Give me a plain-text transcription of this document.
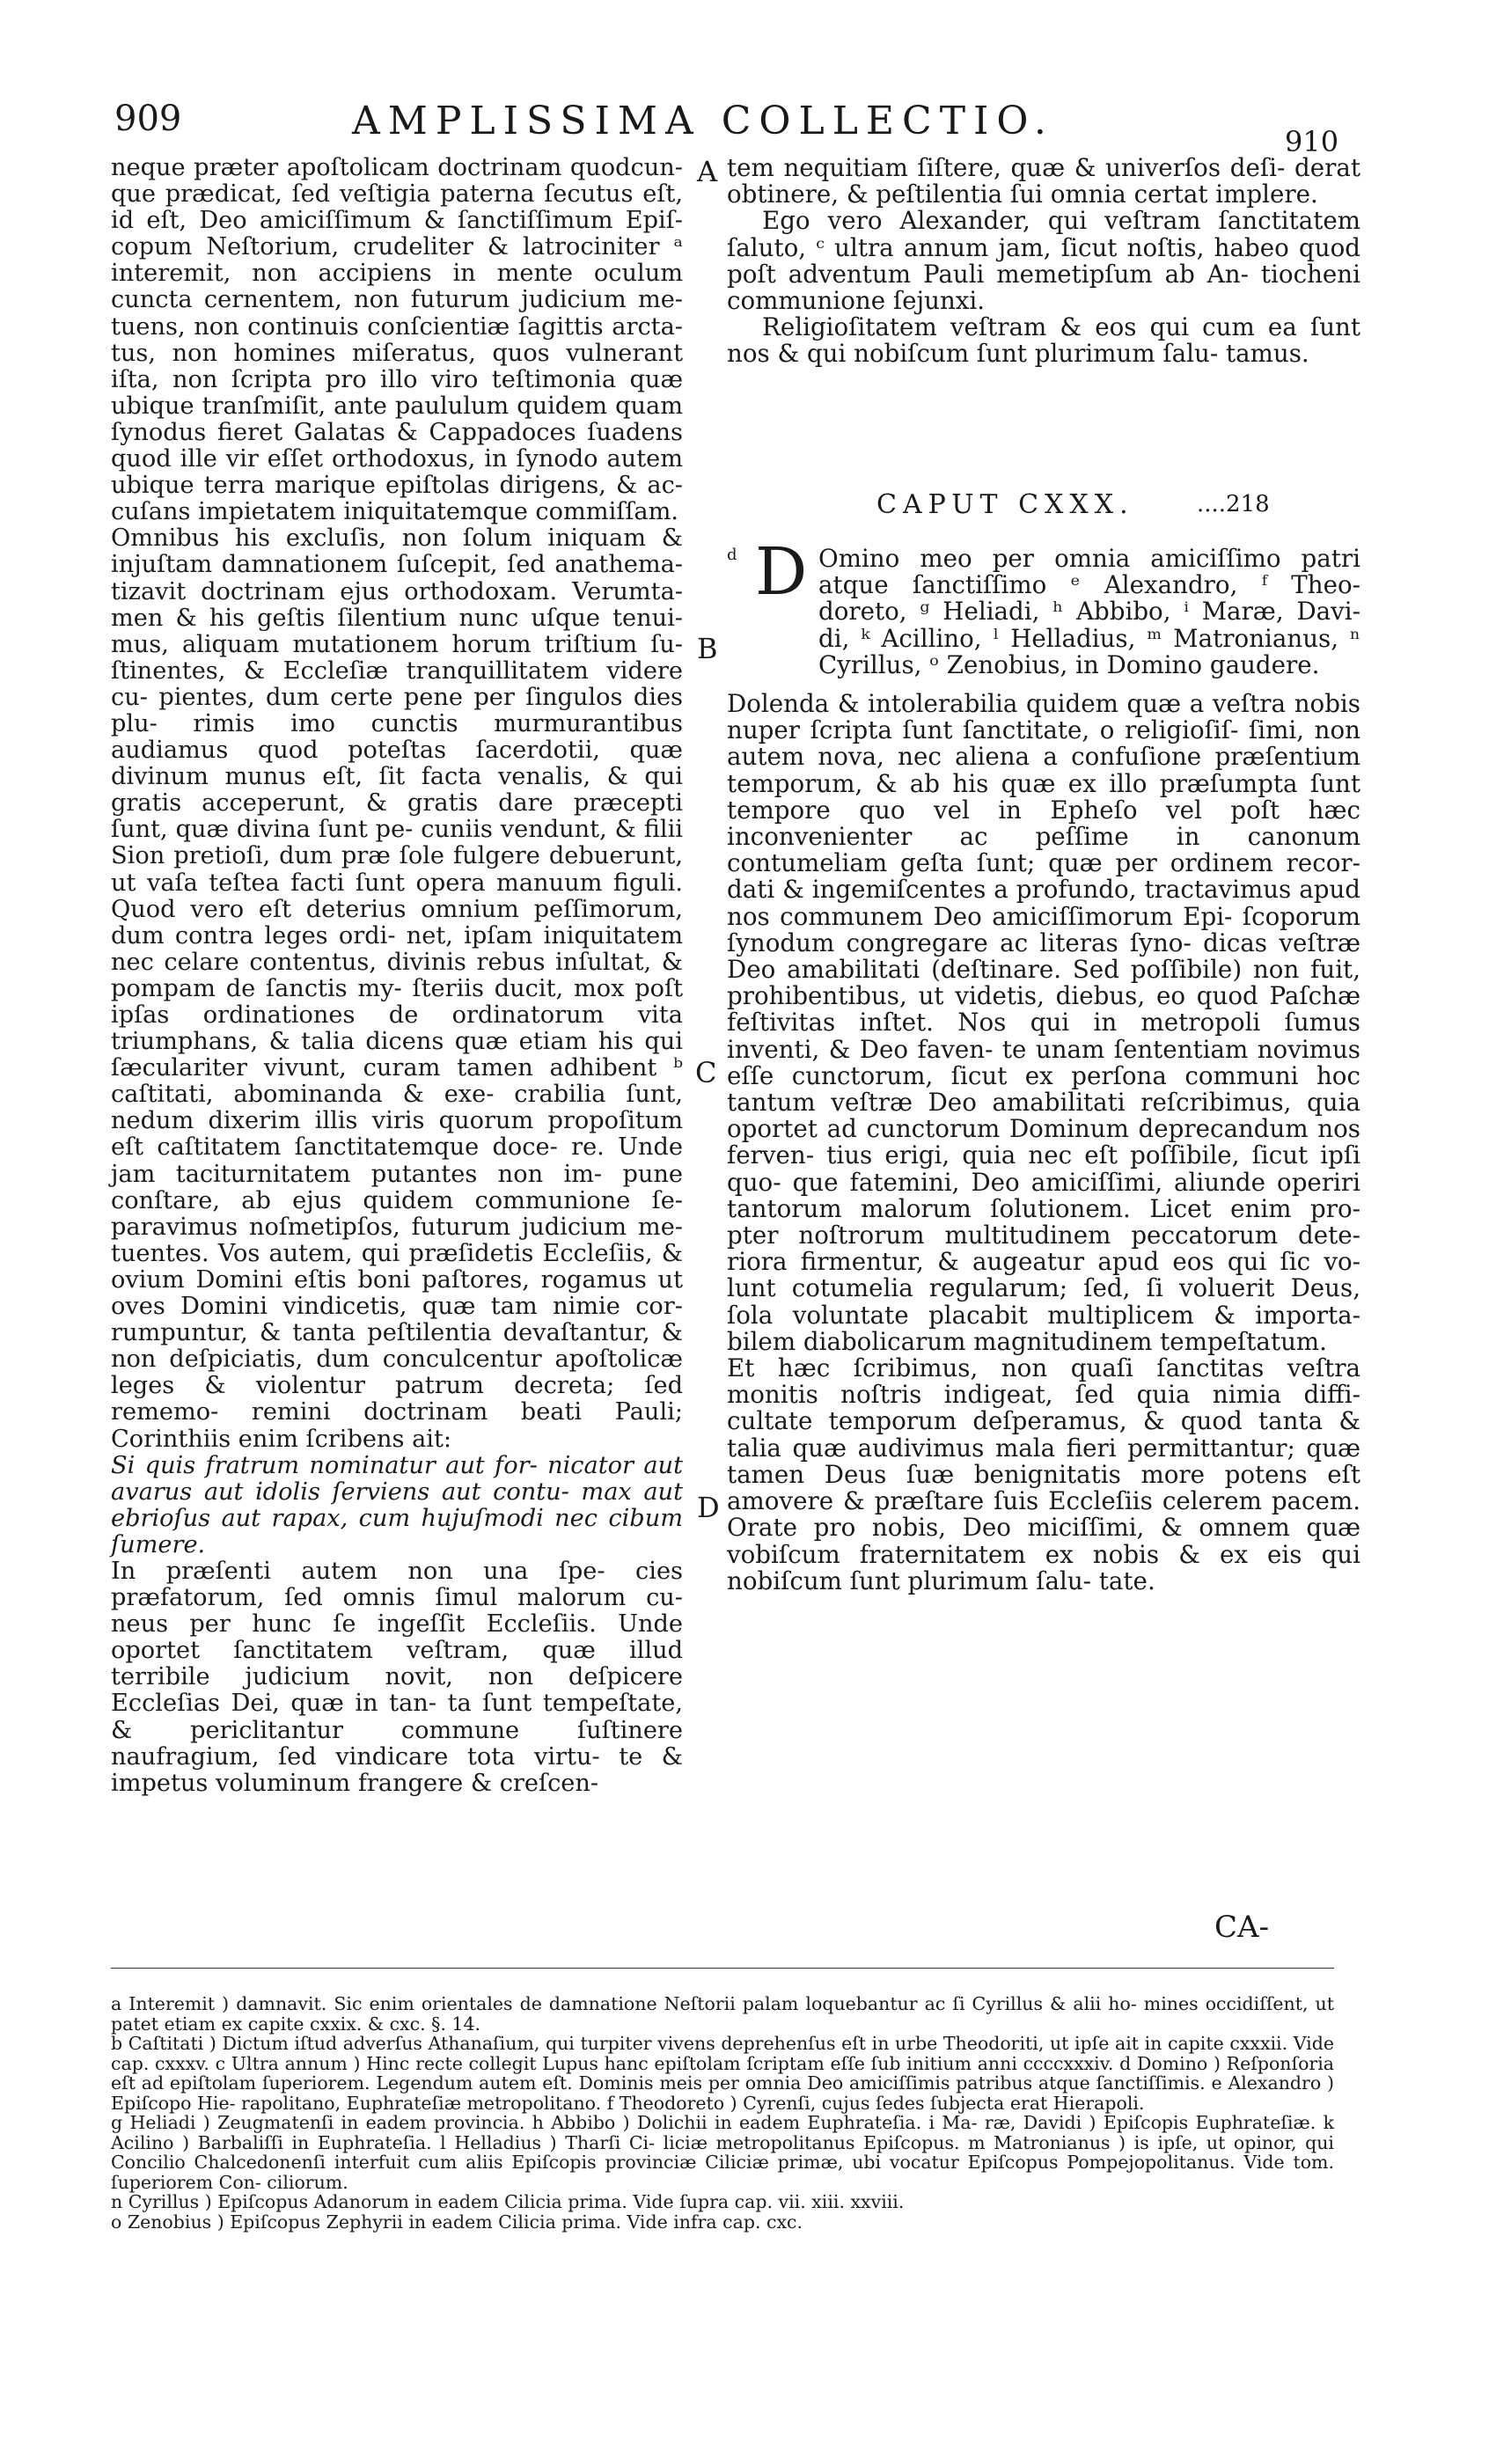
909	AMPLISSIMA COLLECTIO.	910

neque præter apoſtolicam doctrinam quodcun- que prædicat, ſed veſtigia paterna ſecutus eſt, id eſt, Deo amiciſſimum & ſanctiſſimum Epiſ- copum Neſtorium, crudeliter & latrociniter ᵃ interemit, non accipiens in mente oculum cuncta cernentem, non futurum judicium me- tuens, non continuis conſcientiæ ſagittis arcta- tus, non homines miſeratus, quos vulnerant iſta, non ſcripta pro illo viro teſtimonia quæ ubique tranſmiſit, ante paululum quidem quam ſynodus fieret Galatas & Cappadoces ſuadens quod ille vir eſſet orthodoxus, in ſynodo autem ubique terra marique epiſtolas dirigens, & ac- cuſans impietatem iniquitatemque commiſſam.

Omnibus his excluſis, non ſolum iniquam & injuſtam damnationem ſuſcepit, ſed anathema- tizavit doctrinam ejus orthodoxam. Verumta- men & his geſtis ſilentium nunc uſque tenui- mus, aliquam mutationem horum triſtium ſu- ſtinentes, & Eccleſiæ tranquillitatem videre cu- pientes, dum certe pene per ſingulos dies plu- rimis imo cunctis murmurantibus audiamus quod poteſtas ſacerdotii, quæ divinum munus eſt, ſit facta venalis, & qui gratis acceperunt, & gratis dare præcepti ſunt, quæ divina ſunt pe- cuniis vendunt, & filii Sion pretioſi, dum præ ſole fulgere debuerunt, ut vaſa teſtea facti ſunt opera manuum figuli. Quod vero eſt deterius omnium peſſimorum, dum contra leges ordi- net, ipſam iniquitatem nec celare contentus, divinis rebus inſultat, & pompam de ſanctis my- ſteriis ducit, mox poſt ipſas ordinationes de ordinatorum vita triumphans, & talia dicens quæ etiam his qui ſæculariter vivunt, curam tamen adhibent ᵇ caſtitati, abominanda & exe- crabilia ſunt, nedum dixerim illis viris quorum propoſitum eſt caſtitatem ſanctitatemque doce- re. Unde jam taciturnitatem putantes non im- pune conſtare, ab ejus quidem communione ſe- paravimus noſmetipſos, futurum judicium me- tuentes. Vos autem, qui præſidetis Eccleſiis, & ovium Domini eſtis boni paſtores, rogamus ut oves Domini vindicetis, quæ tam nimie cor- rumpuntur, & tanta peſtilentia devaſtantur, & non deſpiciatis, dum conculcentur apoſtolicæ leges & violentur patrum decreta; ſed rememo- remini doctrinam beati Pauli; Corinthiis enim ſcribens ait:

Si quis fratrum nominatur aut for- nicator aut avarus aut idolis ſerviens aut contu- max aut ebrioſus aut rapax, cum hujuſmodi nec cibum ſumere.

In præſenti autem non una ſpe- cies præfatorum, ſed omnis ſimul malorum cu- neus per hunc ſe ingeſſit Eccleſiis. Unde oportet ſanctitatem veſtram, quæ illud terribile judicium novit, non deſpicere Eccleſias Dei, quæ in tan- ta ſunt tempeſtate, & periclitantur commune ſuſtinere naufragium, ſed vindicare tota virtu- te & impetus voluminum frangere & creſcen-

A
B
C
D

tem nequitiam ſiſtere, quæ & univerſos deſi- derat obtinere, & peſtilentia ſui omnia certat implere.

Ego vero Alexander, qui veſtram ſanctitatem ſaluto, ᶜ ultra annum jam, ſicut noſtis, habeo quod poſt adventum Pauli memetipſum ab An- tiocheni communione ſejunxi.

Religioſitatem veſtram & eos qui cum ea ſunt nos & qui nobiſcum ſunt plurimum ſalu- tamus.

CAPUT CXXX.	....218
d D Omino meo per omnia amiciſſimo patri atque ſanctiſſimo ᵉ Alexandro, ᶠ Theo- doreto, ᵍ Heliadi, ʰ Abbibo, ⁱ Maræ, Davi- di, ᵏ Acillino, ˡ Helladius, ᵐ Matronianus, ⁿ Cyrillus, ᵒ Zenobius, in Domino gaudere.

Dolenda & intolerabilia quidem quæ a veſtra nobis nuper ſcripta ſunt ſanctitate, o religioſiſ- ſimi, non autem nova, nec aliena a confuſione præſentium temporum, & ab his quæ ex illo præſumpta ſunt tempore quo vel in Epheſo vel poſt hæc inconvenienter ac peſſime in canonum contumeliam geſta ſunt; quæ per ordinem recor- dati & ingemiſcentes a profundo, tractavimus apud nos communem Deo amiciſſimorum Epi- ſcoporum ſynodum congregare ac literas ſyno- dicas veſtræ Deo amabilitati (deſtinare. Sed poſſibile) non fuit, prohibentibus, ut videtis, diebus, eo quod Paſchæ feſtivitas inſtet. Nos qui in metropoli ſumus inventi, & Deo faven- te unam ſententiam novimus eſſe cunctorum, ſicut ex perſona communi hoc tantum veſtræ Deo amabilitati reſcribimus, quia oportet ad cunctorum Dominum deprecandum nos ferven- tius erigi, quia nec eſt poſſibile, ſicut ipſi quo- que fatemini, Deo amiciſſimi, aliunde operiri tantorum malorum ſolutionem. Licet enim pro- pter noſtrorum multitudinem peccatorum dete- riora firmentur, & augeatur apud eos qui ſic vo- lunt cotumelia regularum; ſed, ſi voluerit Deus, ſola voluntate placabit multiplicem & importa- bilem diabolicarum magnitudinem tempeſtatum.

Et hæc ſcribimus, non quaſi ſanctitas veſtra monitis noſtris indigeat, ſed quia nimia diffi- cultate temporum deſperamus, & quod tanta & talia quæ audivimus mala fieri permittantur; quæ tamen Deus ſuæ benignitatis more potens eſt amovere & præſtare ſuis Eccleſiis celerem pacem. Orate pro nobis, Deo miciſſimi, & omnem quæ vobiſcum fraternitatem ex nobis & ex eis qui nobiſcum ſunt plurimum ſalu- tate.

CA-

a Interemit ) damnavit. Sic enim orientales de damnatione Neſtorii palam loquebantur ac ſi Cyrillus & alii ho- mines occidiſſent, ut patet etiam ex capite cxxix. & cxc. §. 14.

b Caſtitati ) Dictum iſtud adverſus Athanaſium, qui turpiter vivens deprehenſus eſt in urbe Theodoriti, ut ipſe ait in capite cxxxii. Vide cap. cxxxv. c Ultra annum ) Hinc recte collegit Lupus hanc epiſtolam ſcriptam eſſe ſub initium anni ccccxxxiv. d Domino ) Reſponſoria eſt ad epiſtolam ſuperiorem. Legendum autem eſt. Dominis meis per omnia Deo amiciſſimis patribus atque ſanctiſſimis. e Alexandro ) Epiſcopo Hie- rapolitano, Euphrateſiæ metropolitano. f Theodoreto ) Cyrenſi, cujus ſedes ſubjecta erat Hierapoli.

g Heliadi ) Zeugmatenſi in eadem provincia. h Abbibo ) Dolichii in eadem Euphrateſia. i Ma- ræ, Davidi ) Epiſcopis Euphrateſiæ. k Acilino ) Barbaliſſi in Euphrateſia. l Helladius ) Tharſi Ci- liciæ metropolitanus Epiſcopus. m Matronianus ) is ipſe, ut opinor, qui Concilio Chalcedonenſi interfuit cum aliis Epiſcopis provinciæ Ciliciæ primæ, ubi vocatur Epiſcopus Pompejopolitanus. Vide tom. ſuperiorem Con- ciliorum.

n Cyrillus ) Epiſcopus Adanorum in eadem Cilicia prima. Vide ſupra cap. vii. xiii. xxviii.

o Zenobius ) Epiſcopus Zephyrii in eadem Cilicia prima. Vide infra cap. cxc.
